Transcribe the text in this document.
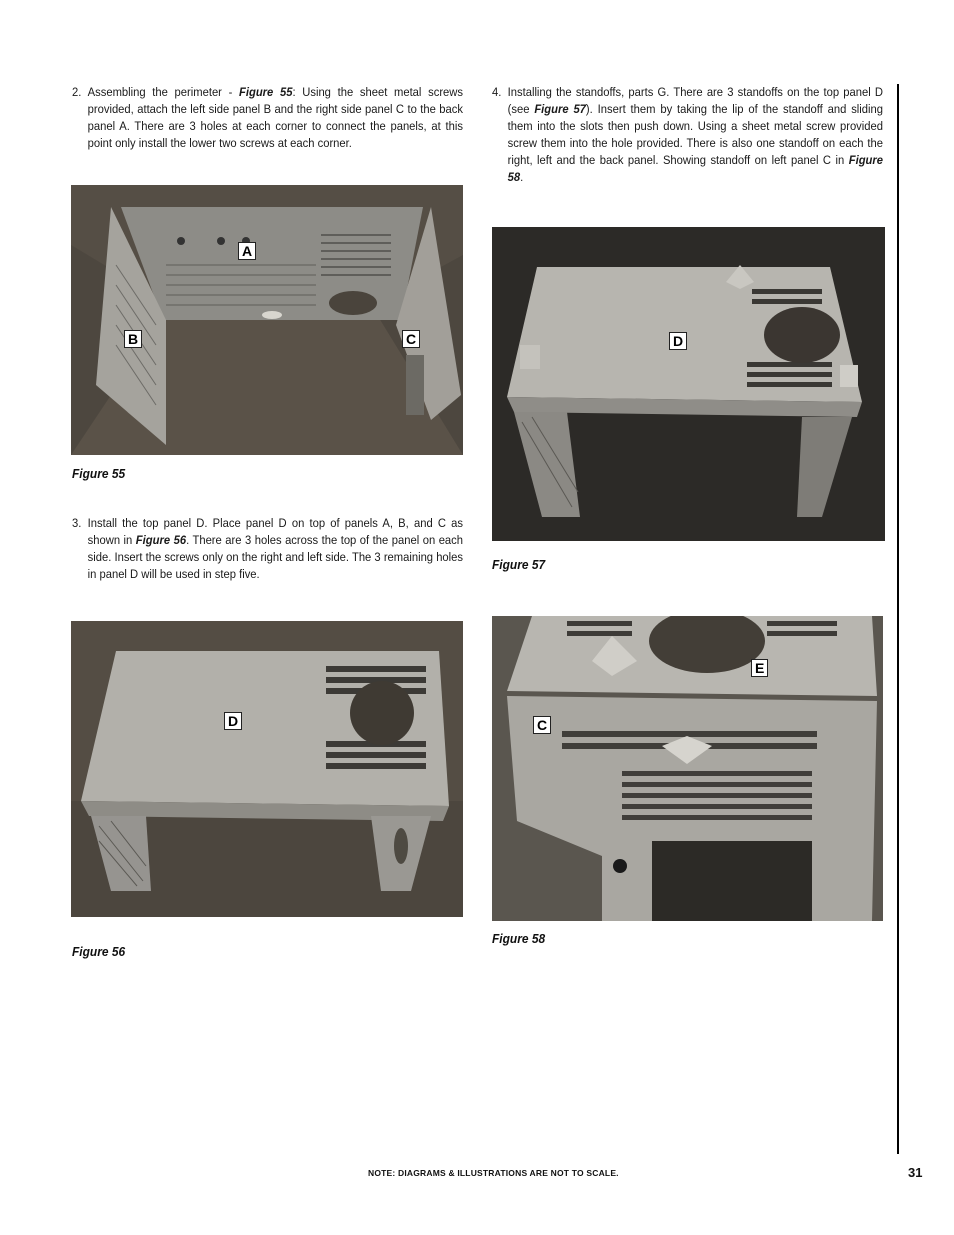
2. Assembling the perimeter - Figure 55: Using the sheet metal screws provided, attach the left side panel B and the right side panel C to the back panel A. There are 3 holes at each corner to connect the panels, at this point only install the lower two screws at each corner.
A
B	C
Figure 55
3. Install the top panel D. Place panel D on top of panels A, B, and C as shown in Figure 56. There are 3 holes across the top of the panel on each side. Insert the screws only on the right and left side. The 3 remaining holes in panel D will be used in step five.
D
Figure 56
4. Installing the standoffs, parts G. There are 3 standoffs on the top panel D (see Figure 57). Insert them by taking the lip of the standoff and sliding them into the slots then push down. Using a sheet metal screw provided screw them into the hole provided. There is also one standoff on each the right, left and the back panel. Showing standoff on left panel C in Figure 58.
D
Figure 57
E
C
Figure 58
NOTE: DIAGRAMS & ILLUSTRATIONS ARE NOT TO SCALE.	31
